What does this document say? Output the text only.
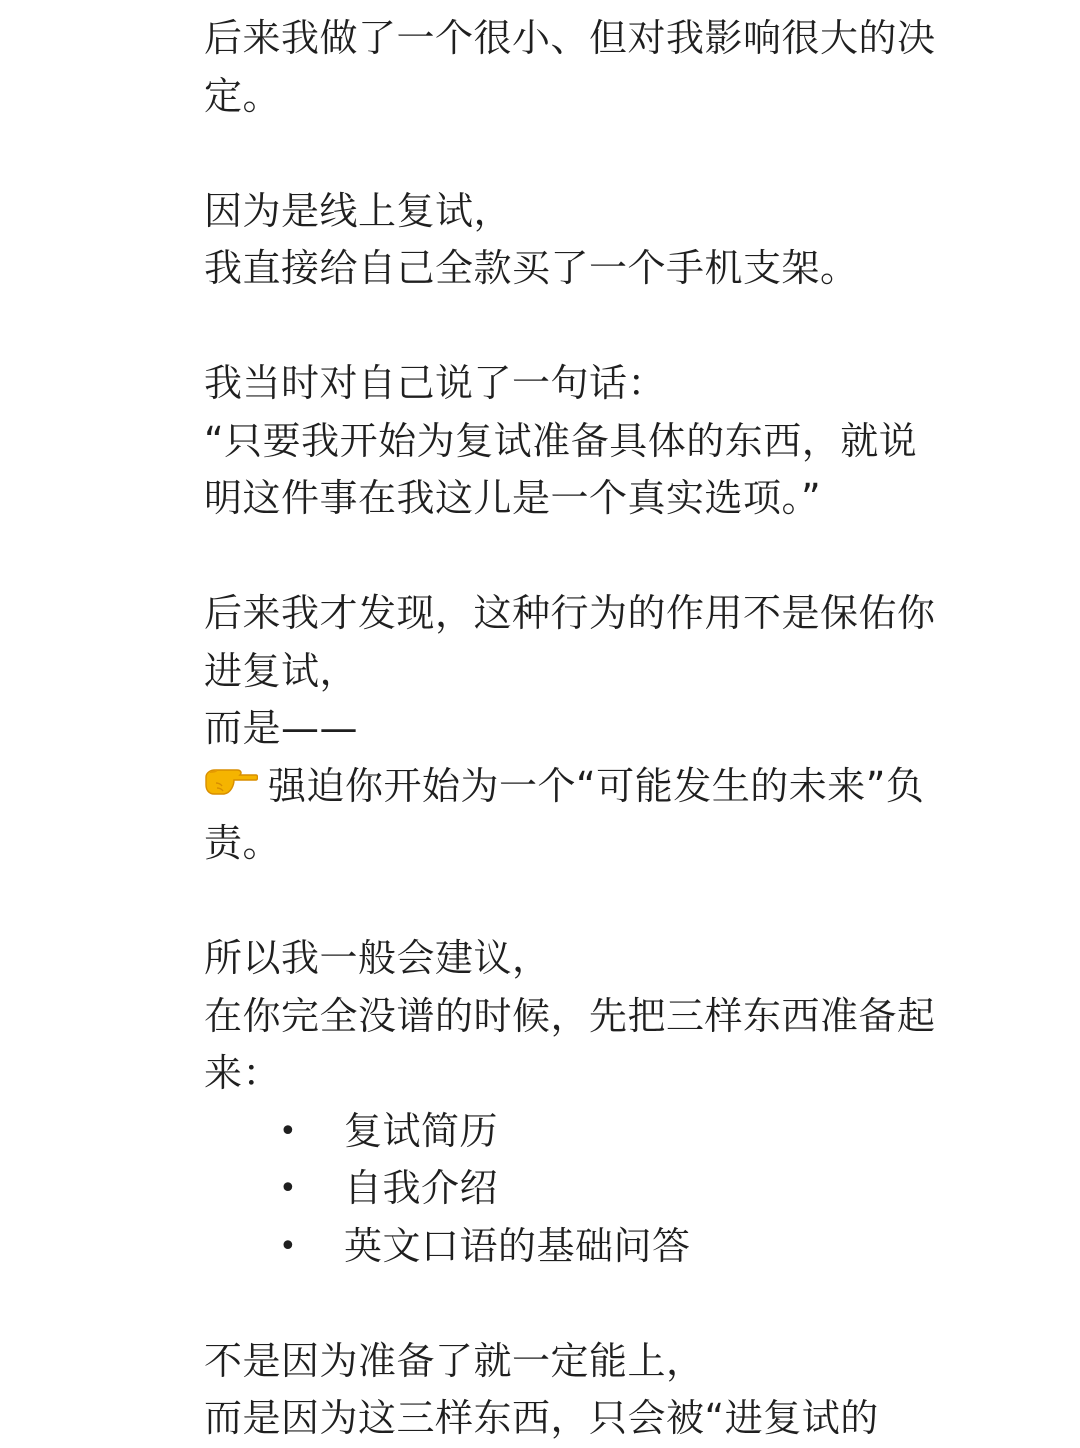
后来我做了一个很小、但对我影响很大的决
定。
因为是线上复试，
我直接给自己全款买了一个手机支架。
我当时对自己说了一句话：
“只要我开始为复试准备具体的东西，就说
明这件事在我这儿是一个真实选项。”
后来我才发现，这种行为的作用不是保佑你
进复试，
而是——
强迫你开始为一个“可能发生的未来”负
责。
所以我一般会建议，
在你完全没谱的时候，先把三样东西准备起
来：
• 复试简历
• 自我介绍
• 英文口语的基础问答
不是因为准备了就一定能上，
而是因为这三样东西，只会被“进复试的
